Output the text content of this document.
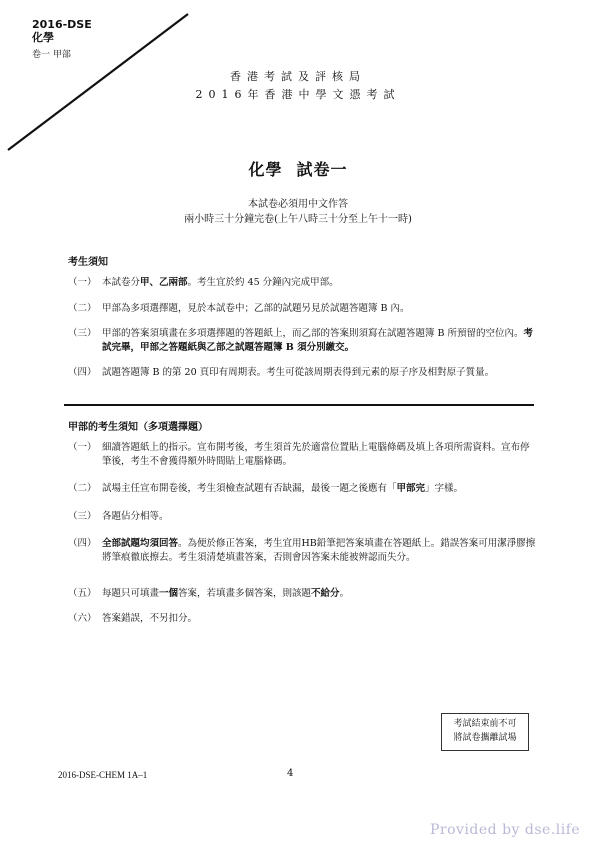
2016-DSE
化學
卷一 甲部
香港考試及評核局
2016年香港中學文憑考試
化學 試卷一
本試卷必須用中文作答
兩小時三十分鐘完卷(上午八時三十分至上午十一時)
考生須知
（一） 本試卷分甲、乙兩部。考生宜於約 45 分鐘內完成甲部。
（二） 甲部為多項選擇題，見於本試卷中；乙部的試題另見於試題答題簿 B 內。
（三） 甲部的答案須填畫在多項選擇題的答題紙上，而乙部的答案則須寫在試題答題簿 B 所預留的空位內。考試完畢，甲部之答題紙與乙部之試題答題簿 B 須分別繳交。
（四） 試題答題簿 B 的第 20 頁印有周期表。考生可從該周期表得到元素的原子序及相對原子質量。
甲部的考生須知（多項選擇題）
（一） 細讀答題紙上的指示。宣布開考後，考生須首先於適當位置貼上電腦條碼及填上各項所需資料。宣布停筆後，考生不會獲得額外時間貼上電腦條碼。
（二） 試場主任宣布開卷後，考生須檢查試題有否缺漏，最後一題之後應有「甲部完」字樣。
（三） 各題佔分相等。
（四） 全部試題均須回答。為便於修正答案，考生宜用HB鉛筆把答案填畫在答題紙上。錯誤答案可用潔淨膠擦將筆痕徹底擦去。考生須清楚填畫答案，否則會因答案未能被辨認而失分。
（五） 每題只可填畫一個答案，若填畫多個答案，則該題不給分。
（六） 答案錯誤，不另扣分。
考試結束前不可
將試卷攜離試場
2016-DSE-CHEM 1A–1	4
Provided by dse.life
